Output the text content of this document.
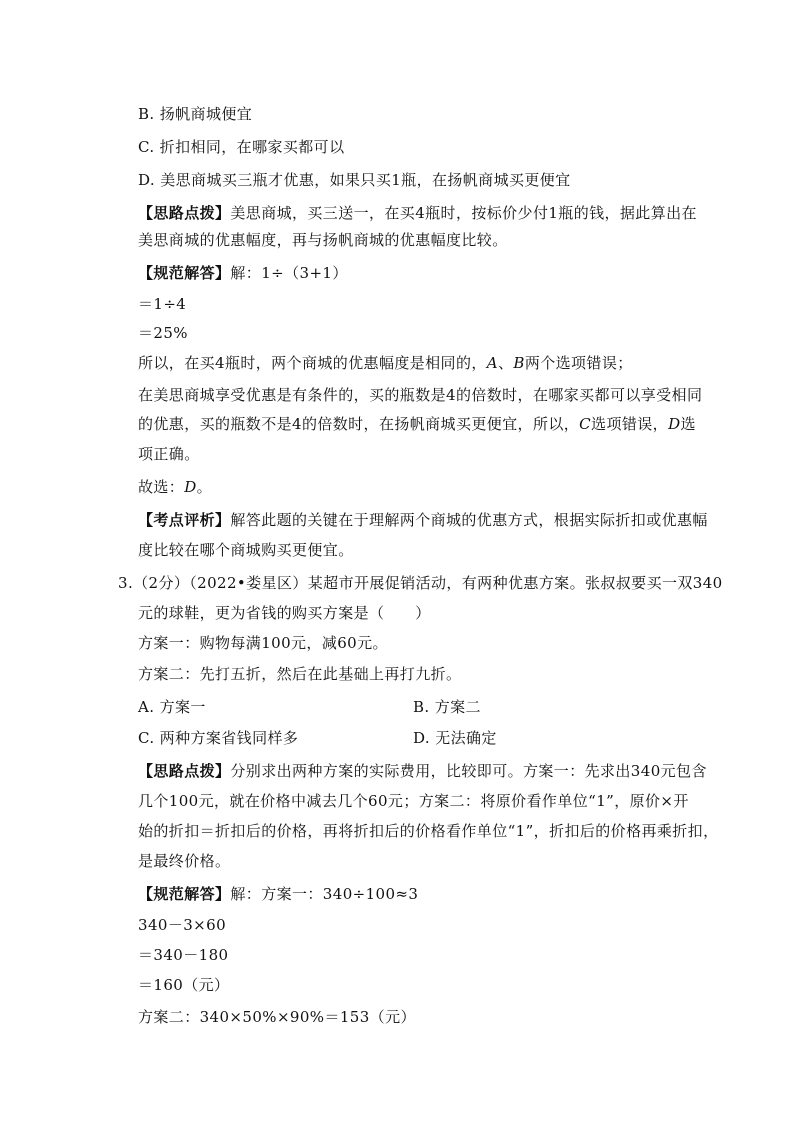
B. 扬帆商城便宜
C. 折扣相同，在哪家买都可以
D. 美思商城买三瓶才优惠，如果只买1瓶，在扬帆商城买更便宜
【思路点拨】美思商城，买三送一，在买4瓶时，按标价少付1瓶的钱，据此算出在
美思商城的优惠幅度，再与扬帆商城的优惠幅度比较。
【规范解答】解：1÷（3+1）
＝1÷4
＝25%
所以，在买4瓶时，两个商城的优惠幅度是相同的，A、B两个选项错误；
在美思商城享受优惠是有条件的，买的瓶数是4的倍数时，在哪家买都可以享受相同
的优惠，买的瓶数不是4的倍数时，在扬帆商城买更便宜，所以，C选项错误，D选
项正确。
故选：D。
【考点评析】解答此题的关键在于理解两个商城的优惠方式，根据实际折扣或优惠幅
度比较在哪个商城购买更便宜。
3.（2分）（2022•娄星区）某超市开展促销活动，有两种优惠方案。张叔叔要买一双340
元的球鞋，更为省钱的购买方案是（　　）
方案一：购物每满100元，减60元。
方案二：先打五折，然后在此基础上再打九折。
A. 方案一	B. 方案二
C. 两种方案省钱同样多	D. 无法确定
【思路点拨】分别求出两种方案的实际费用，比较即可。方案一：先求出340元包含
几个100元，就在价格中减去几个60元；方案二：将原价看作单位“1”，原价×开
始的折扣＝折扣后的价格，再将折扣后的价格看作单位“1”，折扣后的价格再乘折扣，
是最终价格。
【规范解答】解：方案一：340÷100≈3
340－3×60
＝340－180
＝160（元）
方案二：340×50%×90%＝153（元）
